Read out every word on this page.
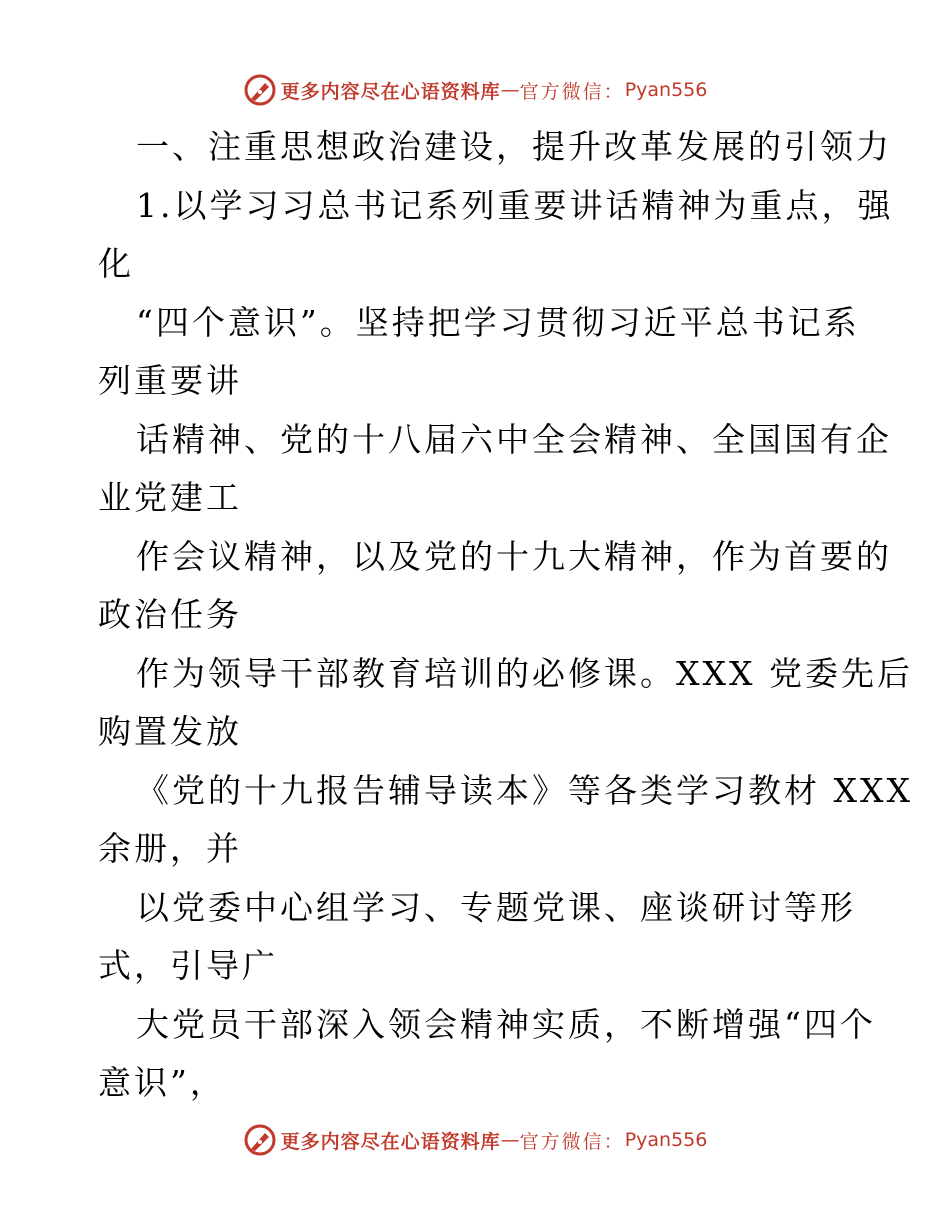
更多内容尽在心语资料库 — 官方微信： Pyan556
一、注重思想政治建设，提升改革发展的引领力
1.以学习习总书记系列重要讲话精神为重点，强
化
“四个意识”。坚持把学习贯彻习近平总书记系
列重要讲
话精神、党的十八届六中全会精神、全国国有企
业党建工
作会议精神，以及党的十九大精神，作为首要的
政治任务
作为领导干部教育培训的必修课。XXX 党委先后
购置发放
《党的十九报告辅导读本》等各类学习教材 XXX
余册，并
以党委中心组学习、专题党课、座谈研讨等形
式，引导广
大党员干部深入领会精神实质，不断增强“四个
意识”，
更多内容尽在心语资料库 — 官方微信： Pyan556
